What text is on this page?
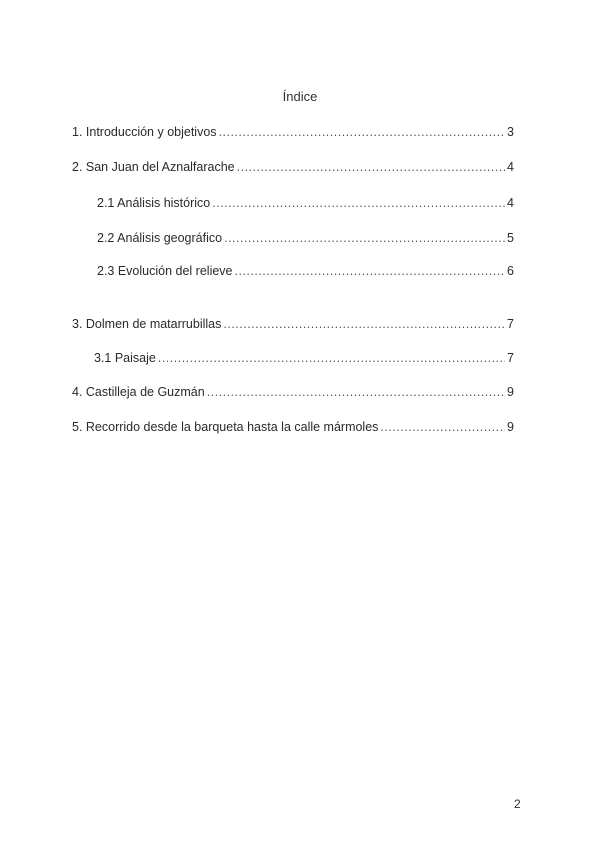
Índice
1. Introducción y objetivos .....	3
2. San Juan del Aznalfarache .....	4
2.1 Análisis histórico .....	4
2.2 Análisis geográfico .....	5
2.3 Evolución del relieve .....	6
3. Dolmen de matarrubillas .....	7
3.1 Paisaje .....	7
4. Castilleja de Guzmán .....	9
5. Recorrido desde la barqueta hasta la calle mármoles .....	9
2
